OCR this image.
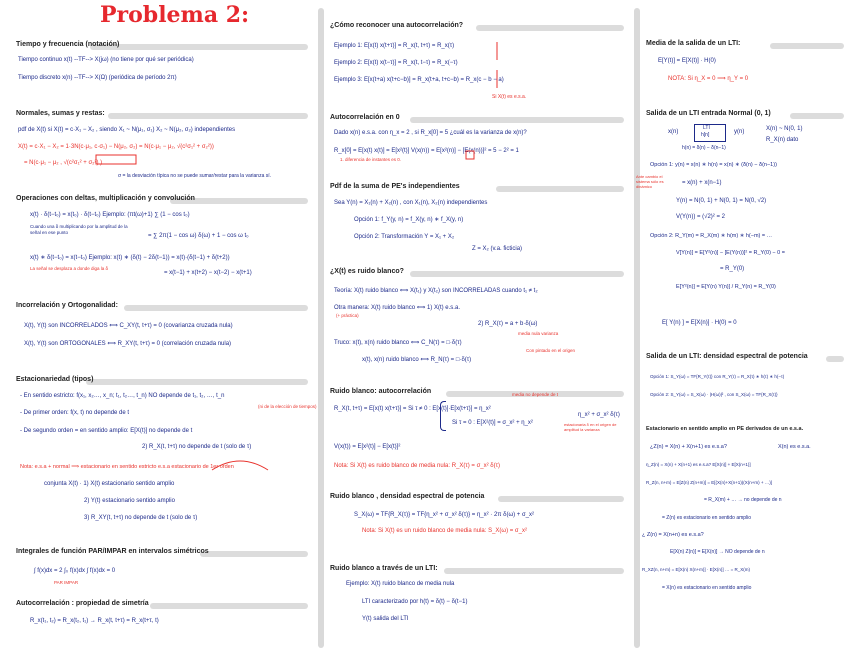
Problema 2:
Tiempo y frecuencia (notación)
Tiempo continuo x(t) --TF--> X(jω) (no tiene por qué ser periódica)
Tiempo discreto x(n) --TF--> X(Ω) (periódica de período 2π)
Normales, sumas y restas:
pdf de X(t) si X(t) = c·X₁ − X₂ , siendo X₁ ~ N(μ₁, σ₁) X₂ ~ N(μ₂, σ₂) independientes
X(t) = c·X₁ − X₂ = 1·3N(c·μ₁, c·σ₁) − N(μ₂, σ₂) = N(c·μ₁ − μ₂, √(c²σ₁² + σ₂²))
= N(c·μ₁ − μ₂ , √(c²σ₁² + σ₂²) )
σ = la desviación típica no se puede sumar/restar para la varianza sí.
Operaciones con deltas, multiplicación y convolución
x(t) · δ(t−t₀) = x(t₀) · δ(t−t₀) Ejemplo: (πt(ω)+1) ∑ (1 − cos t₀)
Cuando una δ multiplicando por la amplitud de la señal en ese punto
= ∑ 2π(1 − cos ω) δ(ω) + 1 − cos ω t₀
x(t) ∗ δ(t−t₀) = x(t−t₀) Ejemplo: x(t) ∗ (δ(t) − 2δ(t−1)) = x(t)·(δ(t−1) + δ(t+2))
La señal se desplaza a donde diga la δ
= x(t−1) + x(t+2) − x(t−2) − x(t+1)
Incorrelación y Ortogonalidad:
X(t), Y(t) son INCORRELADOS ⟺ C_XY(t, t+τ) = 0 (covarianza cruzada nula)
X(t), Y(t) son ORTOGONALES ⟺ R_XY(t, t+τ) = 0 (correlación cruzada nula)
Estacionariedad (tipos)
- En sentido estricto: f(x₁, x₂…, x_n; t₁, t₂…, t_n) NO depende de t₁, t₂, …, t_n
(ni de la elección de tiempos)
- De primer orden: f(x, t) no depende de t
- De segundo orden = en sentido amplio: E[X(t)] no depende de t
2) R_X(t, t+τ) no depende de t (solo de τ)
Nota: e.s.a + normal ⟹ estacionario en sentido estricto e.s.a estacionario de 1er orden
conjunta X(t) · 1) X(t) estacionario sentido amplio
2) Y(t) estacionario sentido amplio
3) R_XY(t, t+τ) no depende de t (solo de τ)
Integrales de función PAR/IMPAR en intervalos simétricos
∫ f(x)dx = 2 ∫₀ f(x)dx ∫ f(x)dx = 0
PAR IMPAR
Autocorrelación : propiedad de simetría
R_x(t₁, t₂) = R_x(t₂, t₁) → R_x(t, t+τ) = R_x(t+τ, t)
¿Cómo reconocer una autocorrelación?
Ejemplo 1: E[x(t) x(t+τ)] = R_x(t, t+τ) = R_x(τ)
Ejemplo 2: E[x(t) x(t−τ)] = R_x(t, t−τ) = R_x(−τ)
Ejemplo 3: E[x(t+a) x(t+c−b)] = R_x(t+a, t+c−b) = R_x(c − b − a)
Si X(t) es e.s.a.
Autocorrelación en 0
Dado x(n) e.s.a. con η_x = 2 , si R_x[0] = 5 ¿cuál es la varianza de x(n)?
R_x[0] = E[x(t) x(t)] = E[x²(t)] V(x(n)) = E[x²(n)] − [E(x(n))]² = 5 − 2² = 1
1. diferencia de instantes es 0.
Pdf de la suma de PE's independientes
Sea Y(n) = X₁(n) + X₂(n) , con X₁(n), X₂(n) independientes
Opción 1: f_Y(y, n) = f_X(y, n) ∗ f_X(y, n)
Opción 2: Transformación Y = X₁ + X₂
Z = X₂ (v.a. ficticia)
¿X(t) es ruido blanco?
Teoría: X(t) ruido blanco ⟺ X(t₁) y X(t₂) son INCORRELADAS cuando t₁ ≠ t₂
Otra manera: X(t) ruido blanco ⟺ 1) X(t) e.s.a.
(+ práctica)
2) R_X(τ) = a + b·δ(ω)
media nula varianza
Truco: x(t), x(n) ruido blanco ⟺ C_N(τ) = □·δ(τ)
Con pintado en el origen
x(t), x(n) ruido blanco ⟺ R_N(τ) = □·δ(τ)
Ruido blanco: autocorrelación	media no depende de t
R_X(t, t+τ) = E[x(t) x(t+τ)] = Si τ ≠ 0 : E[x(t)]·E[x(t+τ)] = η_x²
Si τ = 0 : E[X²(t)] = σ_x² + η_x²
η_x² + σ_x² δ(τ)
estacionaria δ en el origen de amplitud la varianza
V(x(t)) = E[x²(t)] − E[x(t)]²
Nota: Si X(t) es ruido blanco de media nula: R_X(τ) = σ_x² δ(τ)
Ruido blanco , densidad espectral de potencia
S_X(ω) = TF{R_X(τ)} = TF{η_x² + σ_x² δ(τ)} = η_x² · 2π δ(ω) + σ_x²
Nota: Si X(t) es un ruido blanco de media nula: S_X(ω) = σ_x²
Ruido blanco a través de un LTI:
Ejemplo: X(t) ruido blanco de media nula
LTI caracterizado por h(t) = δ(t) − δ(t−1)
Y(t) salida del LTI
Media de la salida de un LTI:
E[Y(t)] = E[X(t)] · H(0)
NOTA: Si η_X = 0 ⟹ η_Y = 0
Salida de un LTI entrada Normal (0, 1)
x(n)
LTI
h[n]	y(n)	X(n) ~ N(0, 1)
R_X(n) dato
h(n) = δ(n) − δ(n−1)
Opción 1: y(n) = x(n) ∗ h(n) = x(n) ∗ (δ(n) − δ(n−1))
Ante cambio el sistema sólo es dinámico
= x(n) + x(n−1)
Y(n) = N(0, 1) + N(0, 1) = N(0, √2)
V(Y(n)) = (√2)² = 2
Opción 2: R_Y(m) = R_X(m) ∗ h(m) ∗ h(−m) = …
V[Y(n)] = E[Y²(n)] − [E(Y(n))]² = R_Y(0) − 0 =
= R_Y(0)
E[Y²(n)] = E[Y(n) Y(n)] / R_Y(n) = R_Y(0)
E[ Y(n) ] = E[X(n)] · H(0) = 0
Salida de un LTI: densidad espectral de potencia
Opción 1: S_Y(ω) = TF{R_Y(τ)} con R_Y(τ) = R_X(τ) ∗ h(τ) ∗ h(−τ)
Opción 2: S_Y(ω) = S_X(ω) · |H(ω)|² , con S_X(ω) = TF{R_X(τ)}
Estacionario en sentido amplio en PE derivados de un e.s.a.
¿Z(n) = X(n) + X(n+1) es e.s.a?	X(n) es e.s.a.
η_Z(n) = X(n) + X(n+1) es e.s.a? E[X(n)] + E[X(n+1)]
R_Z(n, n+m) = E[Z(n) Z(n+m)] = E[(X(n)+X(n+1))(X(n+m) + …)]
= R_X(m) + … → no depende de n
= Z(n) es estacionario en sentido amplio
¿ Z(n) = X(n+n) es e.s.a?
E[X(n) Z(n)] = E[X(n)] → NO depende de n
R_XZ(n, n+m) = E[X(n) X(n+m)] · E[X(n)] … = R_X(m)
= X(n) es estacionario en sentido amplio
